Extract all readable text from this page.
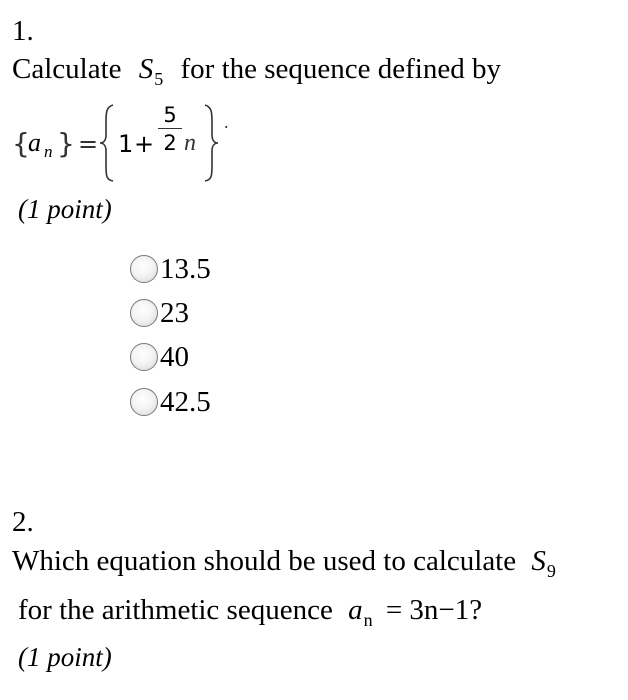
1.
Calculate $S_5$ for the sequence defined by
{
a n } = 1 +
5
2 n
.
(1 point)
13.5
23
40
42.5
2.
Which equation should be used to calculate $S_9$
for the arithmetic sequence $a_n = 3n-1$?
(1 point)
